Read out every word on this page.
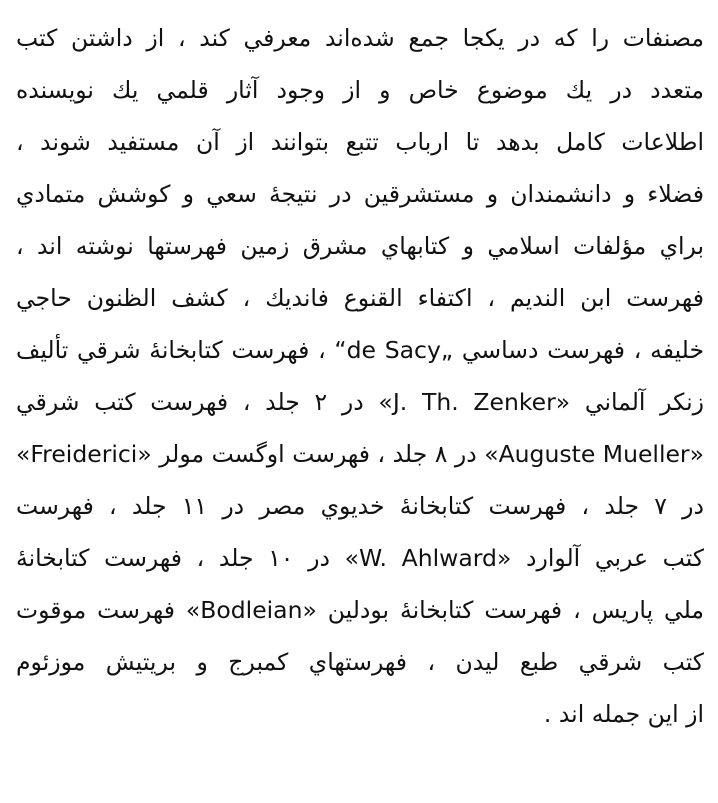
مصنفات را كه در يكجا جمع شده‌اند معرفي كند ، از داشتن كتب
متعدد در يك موضوع خاص و از وجود آثار قلمي يك نويسنده
اطلاعات كامل بدهد تا ارباب تتبع بتوانند از آن مستفيد شوند ،
فضلاء و دانشمندان و مستشرقين در نتيجهٔ سعي و كوشش متمادي
براي مؤلفات اسلامي و كتابهاي مشرق زمين فهرستها نوشته اند ،
فهرست ابن النديم ، اكتفاء القنوع فانديك ، كشف الظنون حاجي
خليفه ، فهرست دساسي „de Sacy“ ، فهرست كتابخانهٔ شرقي تأليف
زنكر آلماني «J. Th. Zenker» در ۲ جلد ، فهرست كتب شرقي
«Freiderici» در ۸ جلد ، فهرست اوگست مولر «Auguste Mueller»
در ۷ جلد ، فهرست كتابخانهٔ خديوي مصر در ۱۱ جلد ، فهرست
كتب عربي آلوارد «W. Ahlward» در ۱۰ جلد ، فهرست كتابخانهٔ
ملي پاريس ، فهرست كتابخانهٔ بودلين «Bodleian» فهرست موقوت
كتب شرقي طبع ليدن ، فهرستهاي كمبرج و بريتيش موزئوم
از اين جمله اند .
